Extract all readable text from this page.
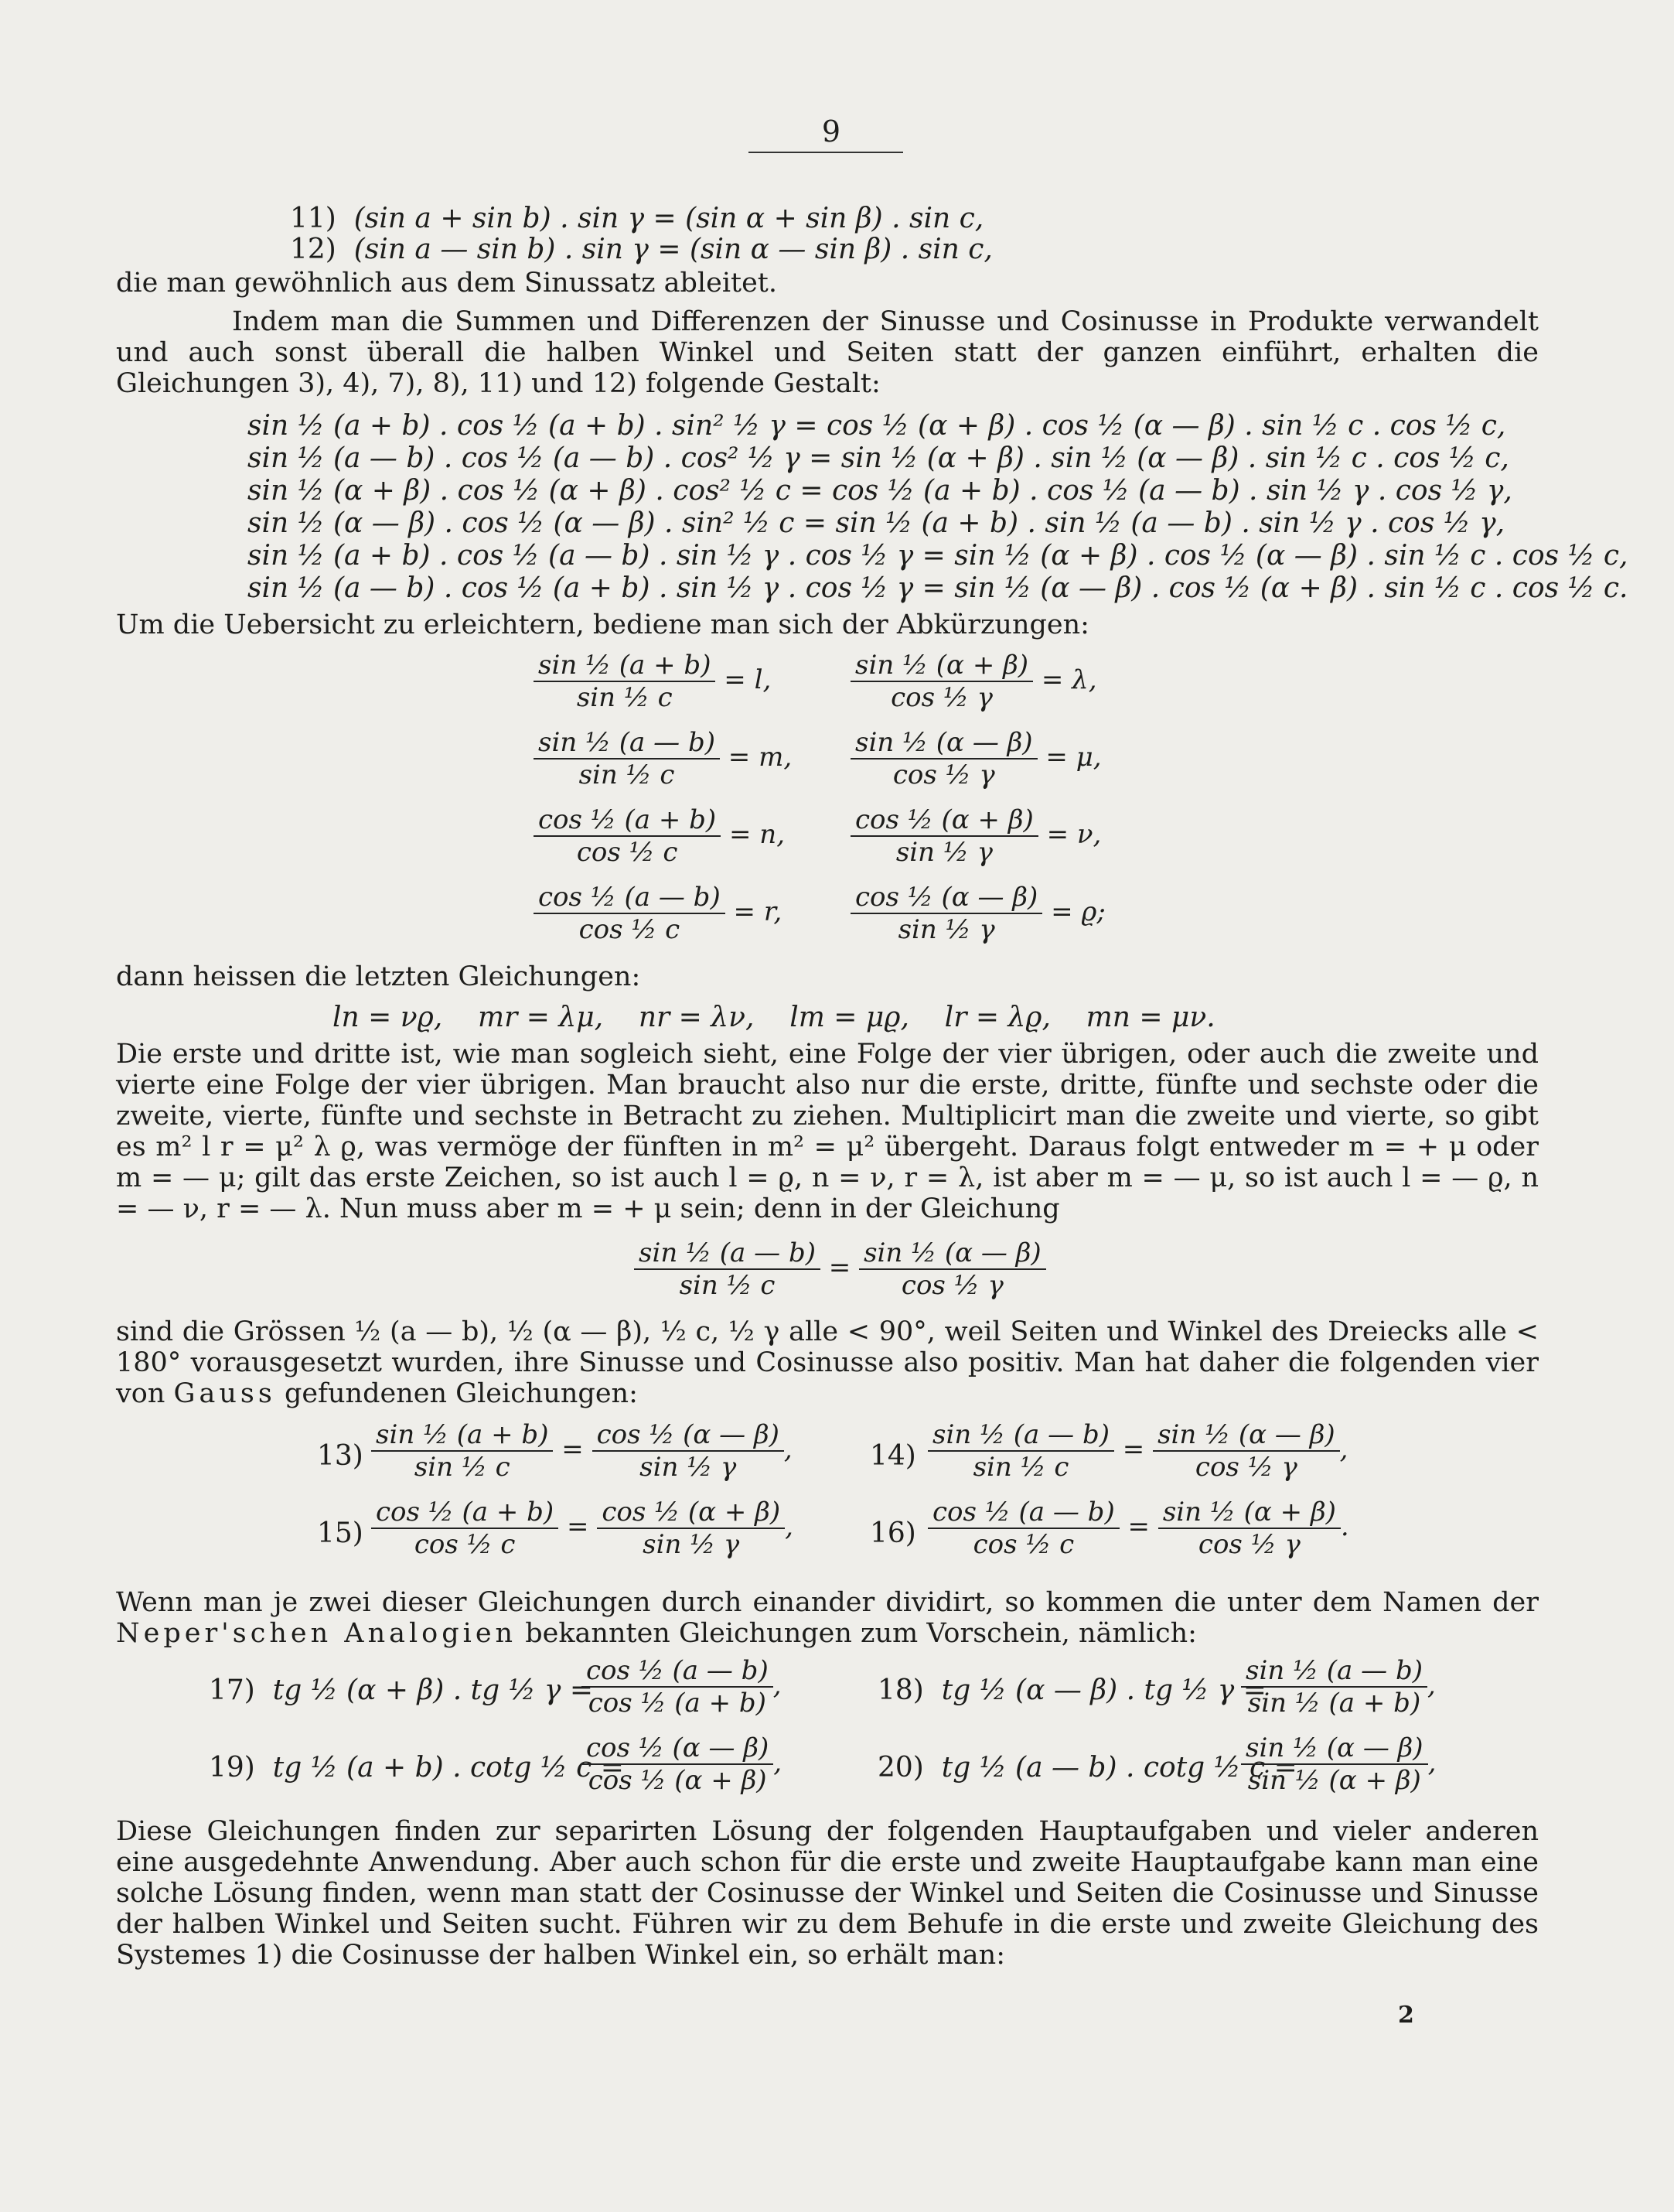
9
11) (sin a + sin b) . sin γ = (sin α + sin β) . sin c,
12) (sin a — sin b) . sin γ = (sin α — sin β) . sin c,
die man gewöhnlich aus dem Sinussatz ableitet.
Indem man die Summen und Differenzen der Sinusse und Cosinusse in Produkte verwandelt und auch sonst überall die halben Winkel und Seiten statt der ganzen einführt, erhalten die Gleichungen 3), 4), 7), 8), 11) und 12) folgende Gestalt:
sin ½ (a + b) . cos ½ (a + b) . sin² ½ γ = cos ½ (α + β) . cos ½ (α — β) . sin ½ c . cos ½ c,
sin ½ (a — b) . cos ½ (a — b) . cos² ½ γ = sin ½ (α + β) . sin ½ (α — β) . sin ½ c . cos ½ c,
sin ½ (α + β) . cos ½ (α + β) . cos² ½ c = cos ½ (a + b) . cos ½ (a — b) . sin ½ γ . cos ½ γ,
sin ½ (α — β) . cos ½ (α — β) . sin² ½ c = sin ½ (a + b) . sin ½ (a — b) . sin ½ γ . cos ½ γ,
sin ½ (a + b) . cos ½ (a — b) . sin ½ γ . cos ½ γ = sin ½ (α + β) . cos ½ (α — β) . sin ½ c . cos ½ c,
sin ½ (a — b) . cos ½ (a + b) . sin ½ γ . cos ½ γ = sin ½ (α — β) . cos ½ (α + β) . sin ½ c . cos ½ c.
Um die Uebersicht zu erleichtern, bediene man sich der Abkürzungen:
$\frac{\text{sin ½ (a + b)}}{\text{sin ½ c}} = l$,	$\frac{\text{sin ½ (α + β)}}{\text{cos ½ γ}} = \lambda$,
$\frac{\text{sin ½ (a — b)}}{\text{sin ½ c}} = m$, $\frac{\text{sin ½ (α — β)}}{\text{cos ½ γ}} = \mu$,
$\frac{\text{cos ½ (a + b)}}{\text{cos ½ c}} = n$, $\frac{\text{cos ½ (α + β)}}{\text{sin ½ γ}} = \nu$,
$\frac{\text{cos ½ (a — b)}}{\text{cos ½ c}} = r$,	$\frac{\text{cos ½ (α — β)}}{\text{sin ½ γ}} = ϱ$;
dann heissen die letzten Gleichungen:
ln = νϱ,    mr = λμ,    nr = λν,    lm = μϱ,    lr = λϱ,    mn = μν.
Die erste und dritte ist, wie man sogleich sieht, eine Folge der vier übrigen, oder auch die zweite und vierte eine Folge der vier übrigen. Man braucht also nur die erste, dritte, fünfte und sechste oder die zweite, vierte, fünfte und sechste in Betracht zu ziehen. Multiplicirt man die zweite und vierte, so gibt es m² l r = μ² λ ϱ, was vermöge der fünften in m² = μ² übergeht. Daraus folgt entweder m = + μ oder m = — μ; gilt das erste Zeichen, so ist auch l = ϱ, n = ν, r = λ, ist aber m = — μ, so ist auch l = — ϱ, n = — ν, r = — λ. Nun muss aber m = + μ sein; denn in der Gleichung
$\frac{\text{sin ½ (a — b)}}{\text{sin ½ c}} = \frac{\text{sin ½ (α — β)}}{\text{cos ½ γ}}$
sind die Grössen ½ (a — b), ½ (α — β), ½ c, ½ γ alle < 90°, weil Seiten und Winkel des Dreiecks alle < 180° vorausgesetzt wurden, ihre Sinusse und Cosinusse also positiv. Man hat daher die folgenden vier von Gauss gefundenen Gleichungen:
$13) \frac{\text{sin ½ (a + b)}}{\text{sin ½ c}} = \frac{\text{cos ½ (α — β)}}{\text{sin ½ γ}}$ ,	$14) \frac{\text{sin ½ (a — b)}}{\text{sin ½ c}} = \frac{\text{sin ½ (α — β)}}{\text{cos ½ γ}}$ ,
$15) \frac{\text{cos ½ (a + b)}}{\text{cos ½ c}} = \frac{\text{cos ½ (α + β)}}{\text{sin ½ γ}}$ ,	$16) \frac{\text{cos ½ (a — b)}}{\text{cos ½ c}} = \frac{\text{sin ½ (α + β)}}{\text{cos ½ γ}}$ .
Wenn man je zwei dieser Gleichungen durch einander dividirt, so kommen die unter dem Namen der Neper'schen Analogien bekannten Gleichungen zum Vorschein, nämlich:
17) tg ½ (α + β) . tg ½ γ =
$\frac{\text{cos ½ (a — b)}}{\text{cos ½ (a + b)}}$ ,	18) tg ½ (α — β) . tg ½ γ =
$\frac{\text{sin ½ (a — b)}}{\text{sin ½ (a + b)}}$ ,
19) tg ½ (a + b) . cotg ½ c =
$\frac{\text{cos ½ (α — β)}}{\text{cos ½ (α + β)}}$ ,	20) tg ½ (a — b) . cotg ½ c =
$\frac{\text{sin ½ (α — β)}}{\text{sin ½ (α + β)}}$ ,
Diese Gleichungen finden zur separirten Lösung der folgenden Hauptaufgaben und vieler anderen eine ausgedehnte Anwendung. Aber auch schon für die erste und zweite Hauptaufgabe kann man eine solche Lösung finden, wenn man statt der Cosinusse der Winkel und Seiten die Cosinusse und Sinusse der halben Winkel und Seiten sucht. Führen wir zu dem Behufe in die erste und zweite Gleichung des Systemes 1) die Cosinusse der halben Winkel ein, so erhält man:
2
